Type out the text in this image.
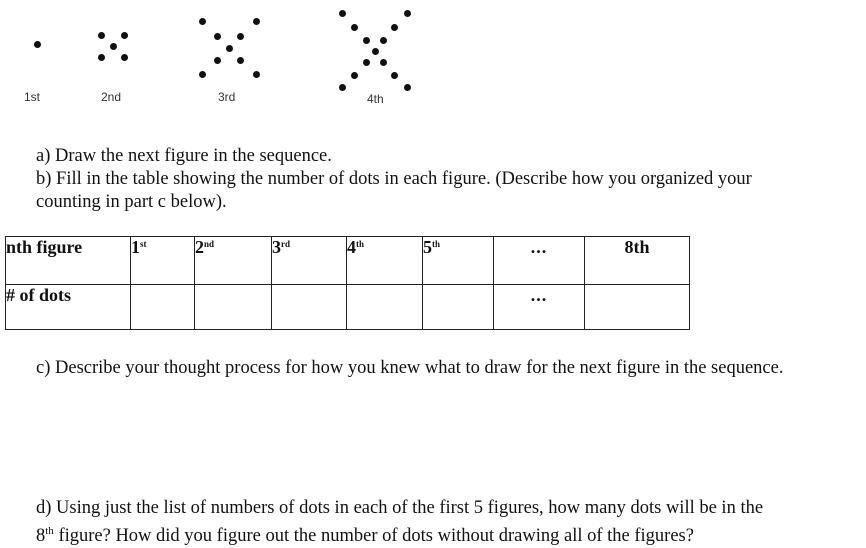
1st	2nd	3rd	4th
a) Draw the next figure in the sequence.
b) Fill in the table showing the number of dots in each figure. (Describe how you organized your
counting in part c below).
nth figure	1st	2nd	3rd	4th	5th	...	8th
# of dots						...	
c) Describe your thought process for how you knew what to draw for the next figure in the sequence.
d) Using just the list of numbers of dots in each of the first 5 figures, how many dots will be in the
8th figure? How did you figure out the number of dots without drawing all of the figures?
